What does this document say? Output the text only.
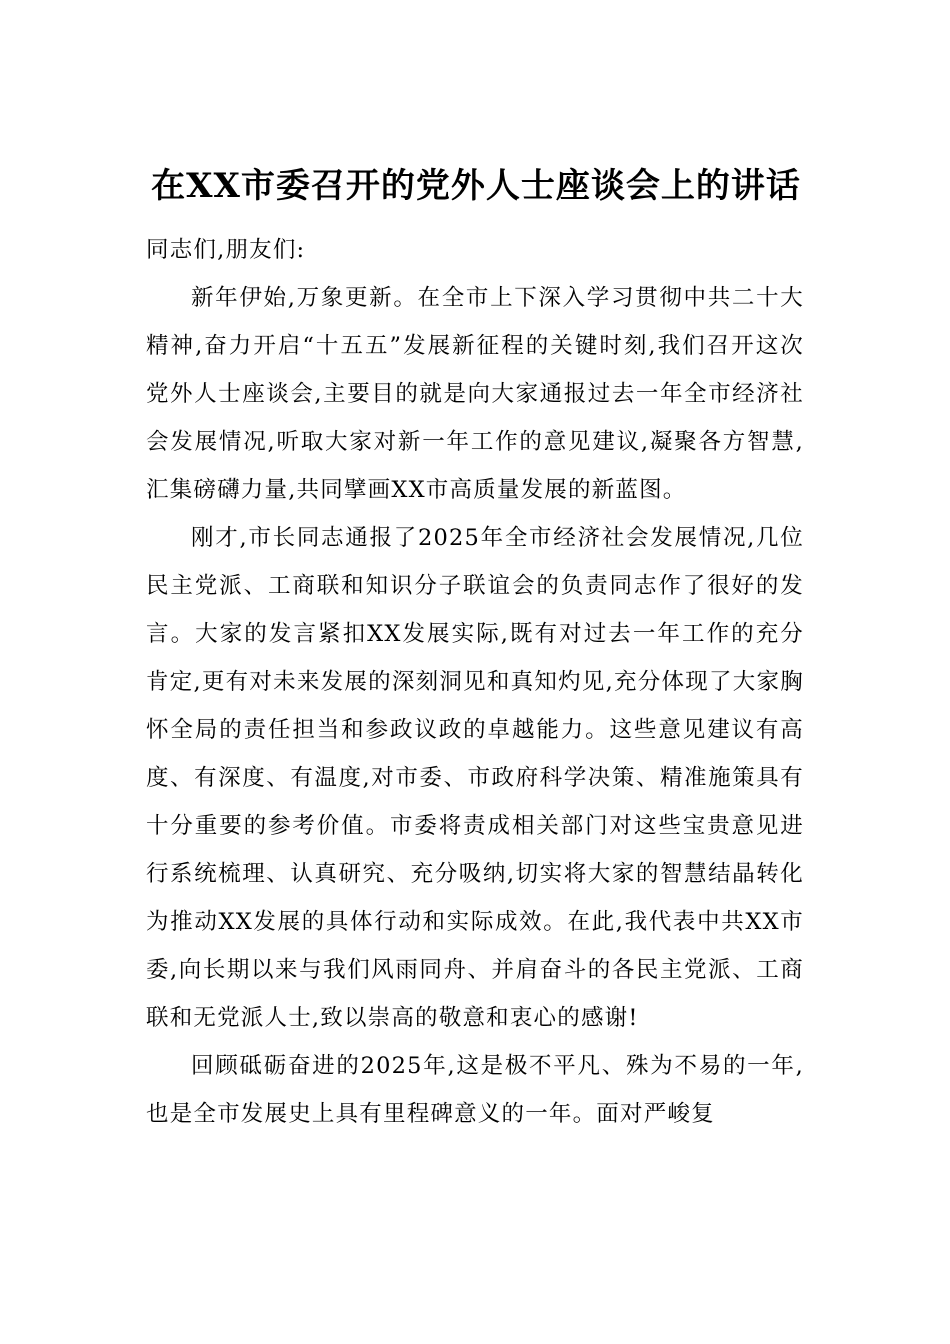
在XX市委召开的党外人士座谈会上的讲话

同志们,朋友们:

新年伊始,万象更新。在全市上下深入学习贯彻中共二十大精神,奋力开启“十五五”发展新征程的关键时刻,我们召开这次党外人士座谈会,主要目的就是向大家通报过去一年全市经济社会发展情况,听取大家对新一年工作的意见建议,凝聚各方智慧,汇集磅礴力量,共同擘画XX市高质量发展的新蓝图。

刚才,市长同志通报了2025年全市经济社会发展情况,几位民主党派、工商联和知识分子联谊会的负责同志作了很好的发言。大家的发言紧扣XX发展实际,既有对过去一年工作的充分肯定,更有对未来发展的深刻洞见和真知灼见,充分体现了大家胸怀全局的责任担当和参政议政的卓越能力。这些意见建议有高度、有深度、有温度,对市委、市政府科学决策、精准施策具有十分重要的参考价值。市委将责成相关部门对这些宝贵意见进行系统梳理、认真研究、充分吸纳,切实将大家的智慧结晶转化为推动XX发展的具体行动和实际成效。在此,我代表中共XX市委,向长期以来与我们风雨同舟、并肩奋斗的各民主党派、工商联和无党派人士,致以崇高的敬意和衷心的感谢!

回顾砥砺奋进的2025年,这是极不平凡、殊为不易的一年,也是全市发展史上具有里程碑意义的一年。面对严峻复
